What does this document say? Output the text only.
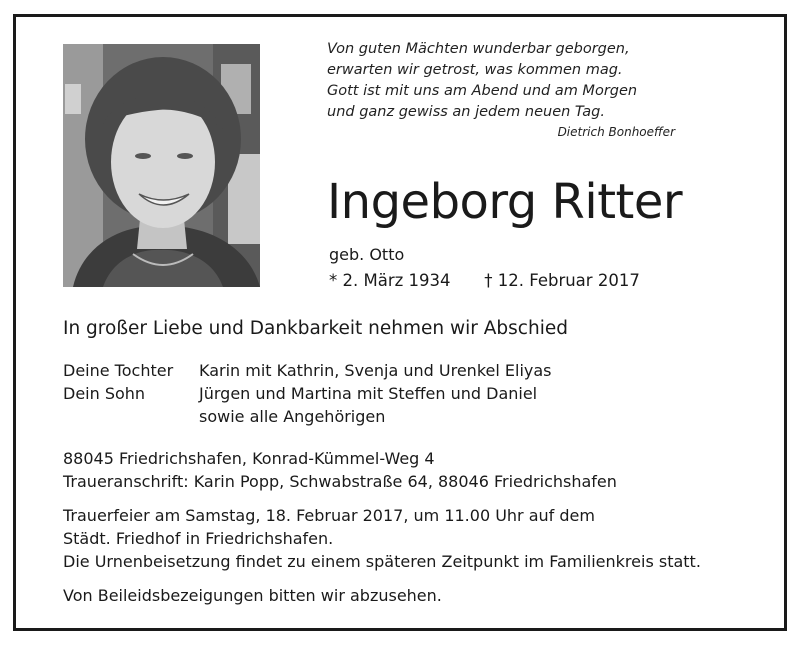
Von guten Mächten wunderbar geborgen,
erwarten wir getrost, was kommen mag.
Gott ist mit uns am Abend und am Morgen
und ganz gewiss an jedem neuen Tag.
Dietrich Bonhoeffer
Ingeborg Ritter
geb. Otto
* 2. März 1934 † 12. Februar 2017
In großer Liebe und Dankbarkeit nehmen wir Abschied
Deine Tochter	Karin mit Kathrin, Svenja und Urenkel Eliyas
Dein Sohn	Jürgen und Martina mit Steffen und Daniel
sowie alle Angehörigen
88045 Friedrichshafen, Konrad-Kümmel-Weg 4
Traueranschrift: Karin Popp, Schwabstraße 64, 88046 Friedrichshafen
Trauerfeier am Samstag, 18. Februar 2017, um 11.00 Uhr auf dem
Städt. Friedhof in Friedrichshafen.
Die Urnenbeisetzung findet zu einem späteren Zeitpunkt im Familienkreis statt.
Von Beileidsbezeigungen bitten wir abzusehen.
